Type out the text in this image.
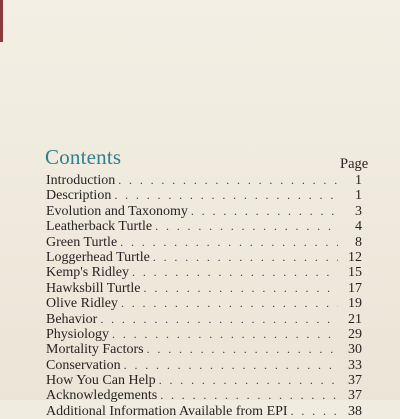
Contents	Page
Introduction . . .	1
Description . . .	1
Evolution and Taxonomy . . .	3
Leatherback Turtle . . .	4
Green Turtle . . .	8
Loggerhead Turtle . . .	12
Kemp's Ridley . . .	15
Hawksbill Turtle . . .	17
Olive Ridley . . .	19
Behavior . . .	21
Physiology . . .	29
Mortality Factors . . .	30
Conservation . . .	33
How You Can Help . . .	37
Acknowledgements . . .	37
Additional Information Available from EPI . . .	38
